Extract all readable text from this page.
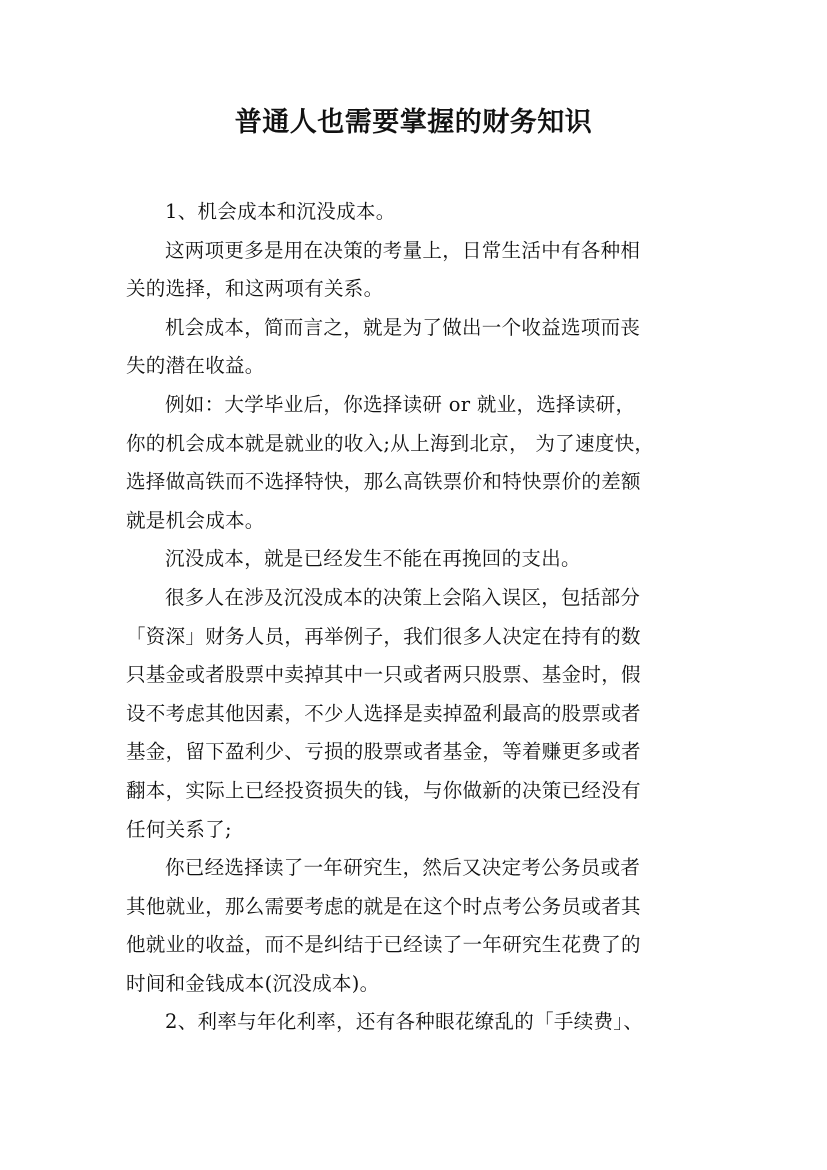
普通人也需要掌握的财务知识

1、机会成本和沉没成本。

这两项更多是用在决策的考量上，日常生活中有各种相
关的选择，和这两项有关系。

机会成本，简而言之，就是为了做出一个收益选项而丧
失的潜在收益。

例如：大学毕业后，你选择读研 or 就业，选择读研，
你的机会成本就是就业的收入;从上海到北京， 为了速度快，
选择做高铁而不选择特快，那么高铁票价和特快票价的差额
就是机会成本。

沉没成本，就是已经发生不能在再挽回的支出。

很多人在涉及沉没成本的决策上会陷入误区，包括部分
「资深」财务人员，再举例子，我们很多人决定在持有的数
只基金或者股票中卖掉其中一只或者两只股票、基金时，假
设不考虑其他因素，不少人选择是卖掉盈利最高的股票或者
基金，留下盈利少、亏损的股票或者基金，等着赚更多或者
翻本，实际上已经投资损失的钱，与你做新的决策已经没有
任何关系了;

你已经选择读了一年研究生，然后又决定考公务员或者
其他就业，那么需要考虑的就是在这个时点考公务员或者其
他就业的收益，而不是纠结于已经读了一年研究生花费了的
时间和金钱成本(沉没成本)。

2、利率与年化利率，还有各种眼花缭乱的「手续费」、
